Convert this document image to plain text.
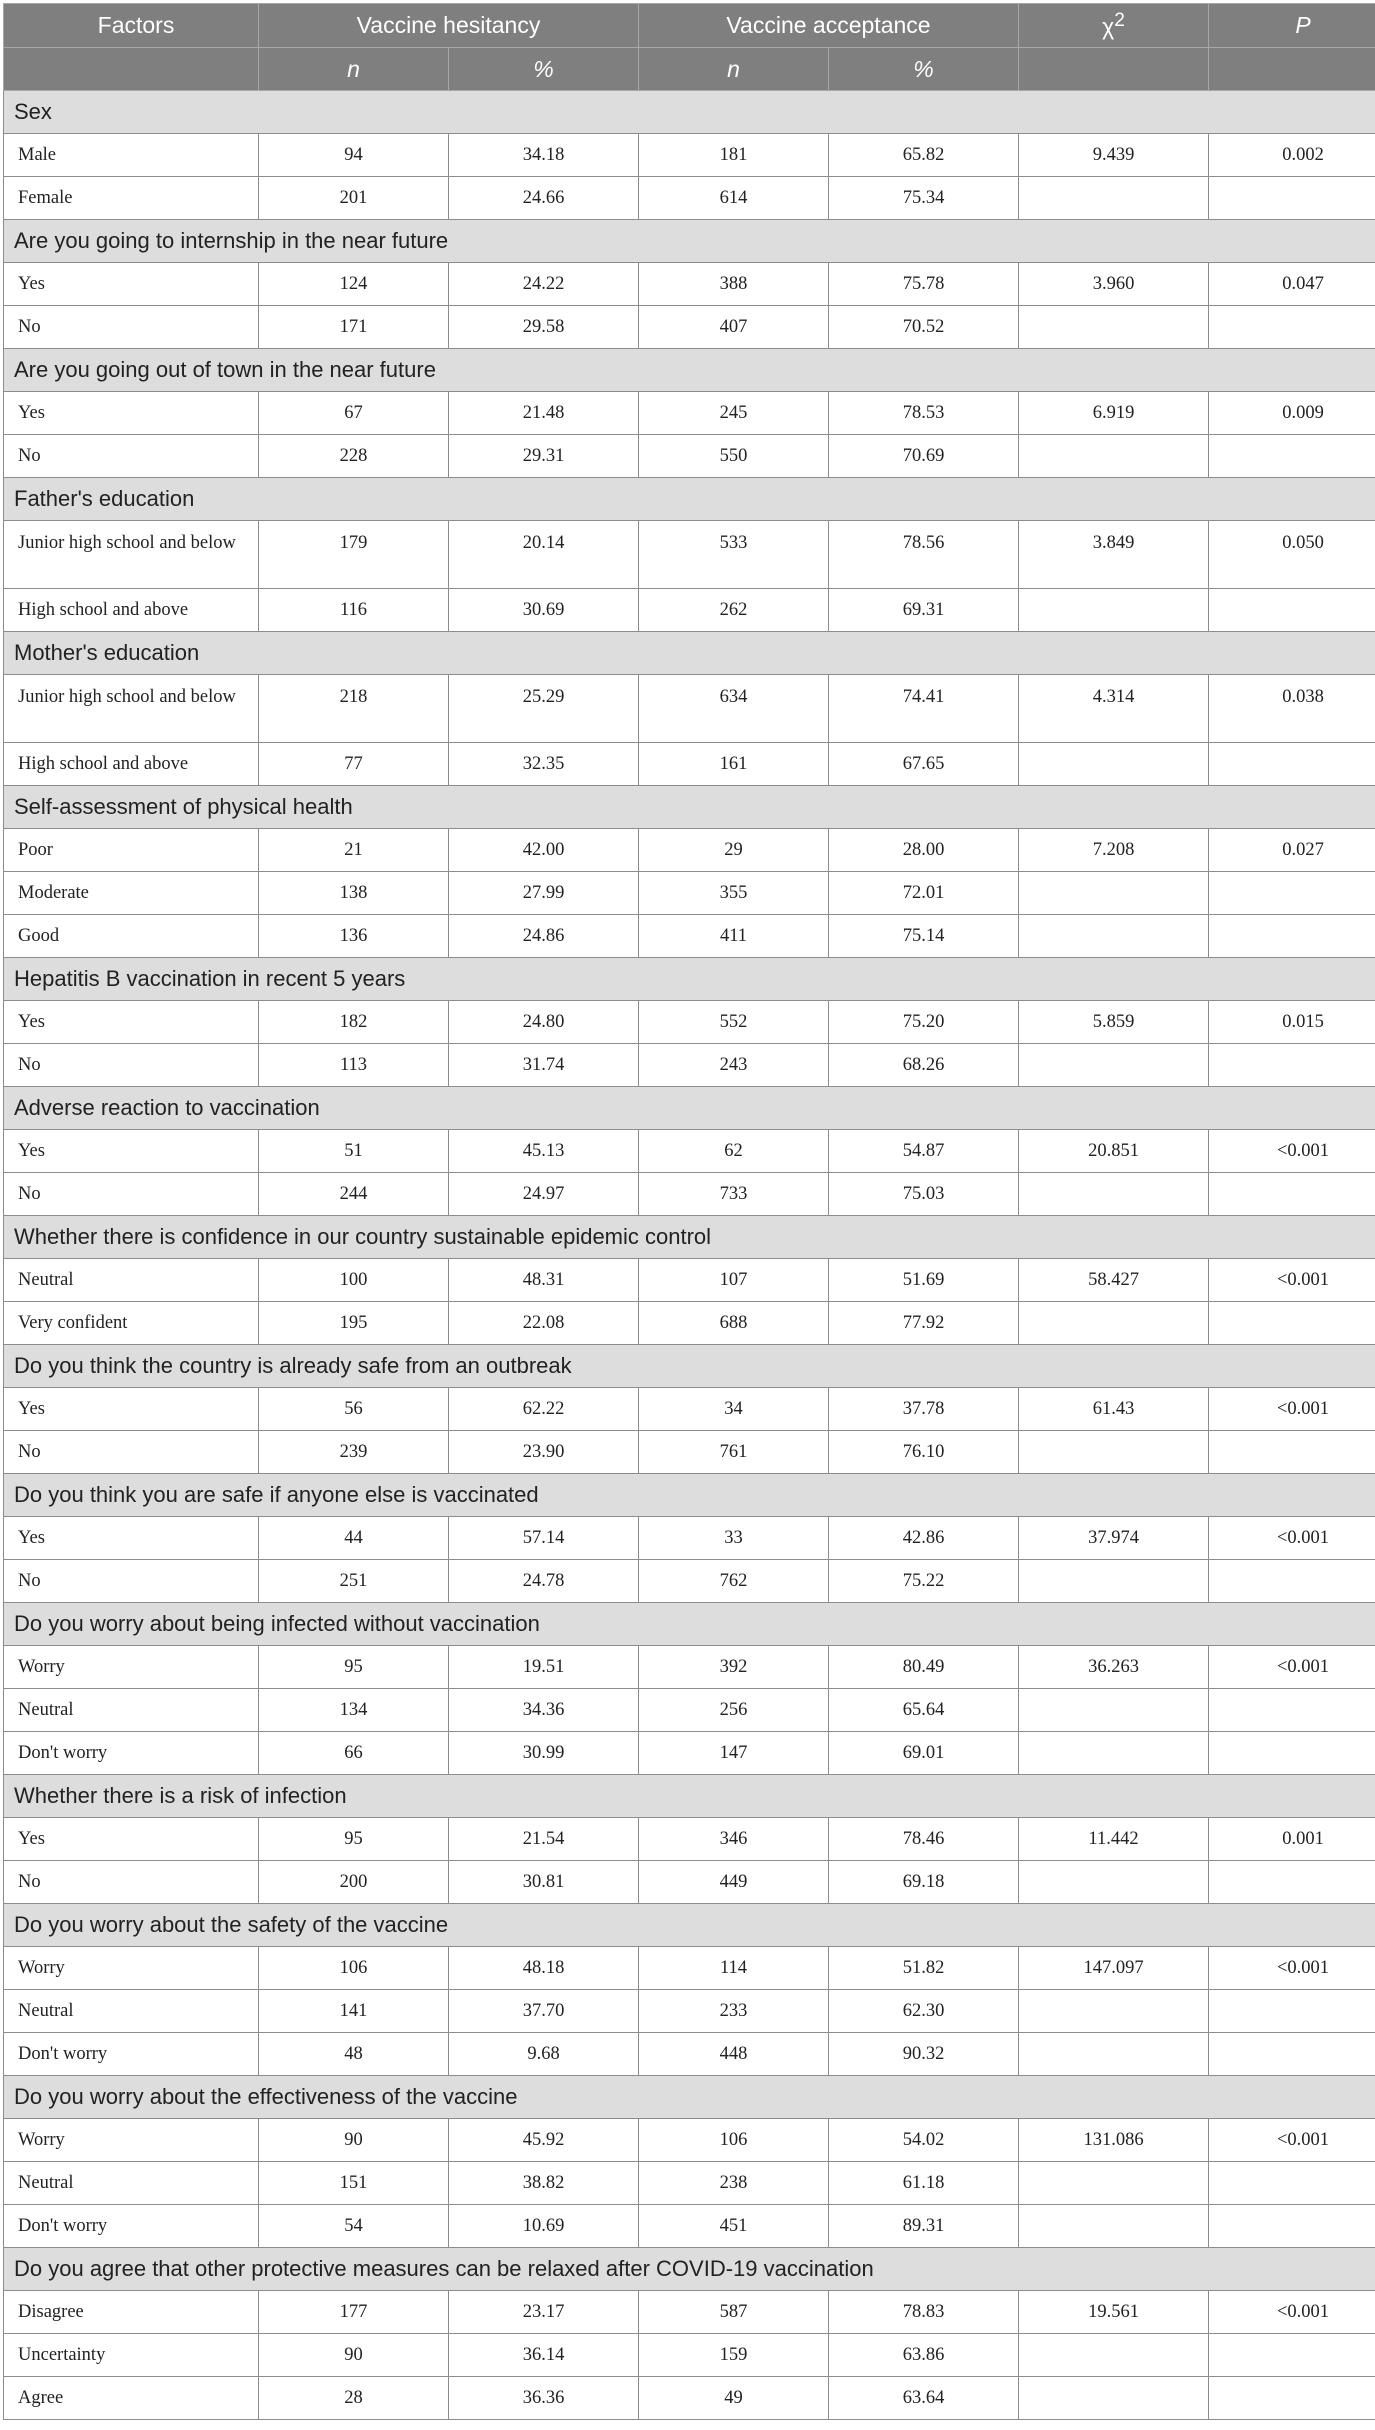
Factors	Vaccine hesitancy		Vaccine acceptance		$\chi^2$	P
	n	%	n	%		
Sex						
Male	94	34.18	181	65.82	9.439	0.002
Female	201	24.66	614	75.34		
Are you going to internship in the near future						
Yes	124	24.22	388	75.78	3.960	0.047
No	171	29.58	407	70.52		
Are you going out of town in the near future						
Yes	67	21.48	245	78.53	6.919	0.009
No	228	29.31	550	70.69		
Father's education						
Junior high school and below	179	20.14	533	78.56	3.849	0.050
High school and above	116	30.69	262	69.31		
Mother's education						
Junior high school and below	218	25.29	634	74.41	4.314	0.038
High school and above	77	32.35	161	67.65		
Self-assessment of physical health						
Poor	21	42.00	29	28.00	7.208	0.027
Moderate	138	27.99	355	72.01		
Good	136	24.86	411	75.14		
Hepatitis B vaccination in recent 5 years						
Yes	182	24.80	552	75.20	5.859	0.015
No	113	31.74	243	68.26		
Adverse reaction to vaccination						
Yes	51	45.13	62	54.87	20.851	<0.001
No	244	24.97	733	75.03		
Whether there is confidence in our country sustainable epidemic control						
Neutral	100	48.31	107	51.69	58.427	<0.001
Very confident	195	22.08	688	77.92		
Do you think the country is already safe from an outbreak						
Yes	56	62.22	34	37.78	61.43	<0.001
No	239	23.90	761	76.10		
Do you think you are safe if anyone else is vaccinated						
Yes	44	57.14	33	42.86	37.974	<0.001
No	251	24.78	762	75.22		
Do you worry about being infected without vaccination						
Worry	95	19.51	392	80.49	36.263	<0.001
Neutral	134	34.36	256	65.64		
Don't worry	66	30.99	147	69.01		
Whether there is a risk of infection						
Yes	95	21.54	346	78.46	11.442	0.001
No	200	30.81	449	69.18		
Do you worry about the safety of the vaccine						
Worry	106	48.18	114	51.82	147.097	<0.001
Neutral	141	37.70	233	62.30		
Don't worry	48	9.68	448	90.32		
Do you worry about the effectiveness of the vaccine						
Worry	90	45.92	106	54.02	131.086	<0.001
Neutral	151	38.82	238	61.18		
Don't worry	54	10.69	451	89.31		
Do you agree that other protective measures can be relaxed after COVID-19 vaccination						
Disagree	177	23.17	587	78.83	19.561	<0.001
Uncertainty	90	36.14	159	63.86		
Agree	28	36.36	49	63.64		
